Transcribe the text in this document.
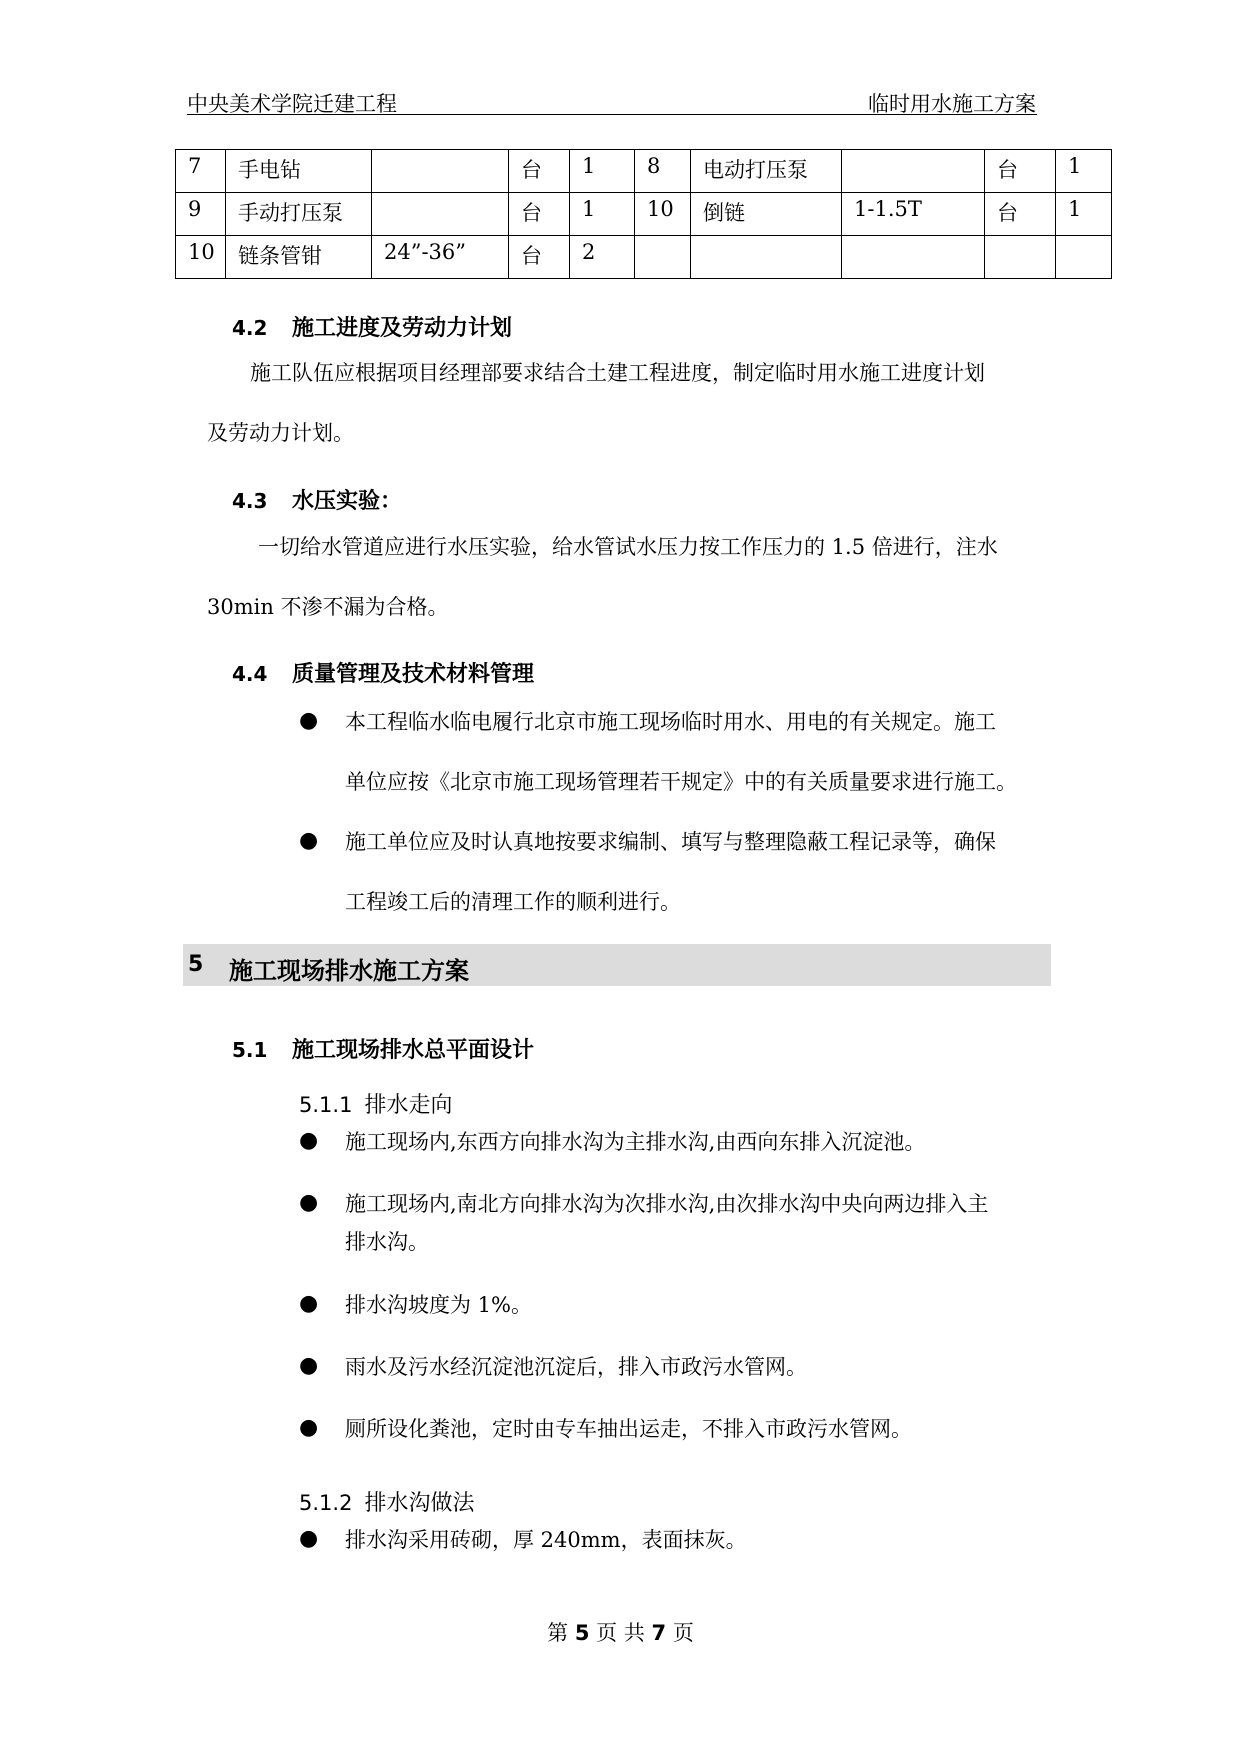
中央美术学院迁建工程	临时用水施工方案
7	手电钻		台	1	8	电动打压泵		台	1
9	手动打压泵		台	1	10	倒链	1-1.5T	台	1
10	链条管钳	24”-36”	台	2					
4.2 施工进度及劳动力计划
施工队伍应根据项目经理部要求结合土建工程进度，制定临时用水施工进度计划
及劳动力计划。
4.3 水压实验：
一切给水管道应进行水压实验，给水管试水压力按工作压力的 1.5 倍进行，注水
30min 不渗不漏为合格。
4.4 质量管理及技术材料管理
● 本工程临水临电履行北京市施工现场临时用水、用电的有关规定。施工
单位应按《北京市施工现场管理若干规定》中的有关质量要求进行施工。
● 施工单位应及时认真地按要求编制、填写与整理隐蔽工程记录等，确保
工程竣工后的清理工作的顺利进行。
5 施工现场排水施工方案
5.1 施工现场排水总平面设计
5.1.1 排水走向
● 施工现场内,东西方向排水沟为主排水沟,由西向东排入沉淀池。
● 施工现场内,南北方向排水沟为次排水沟,由次排水沟中央向两边排入主
排水沟。
● 排水沟坡度为 1%。
● 雨水及污水经沉淀池沉淀后，排入市政污水管网。
● 厕所设化粪池，定时由专车抽出运走，不排入市政污水管网。
5.1.2 排水沟做法
● 排水沟采用砖砌，厚 240mm，表面抹灰。
第 5 页 共 7 页
